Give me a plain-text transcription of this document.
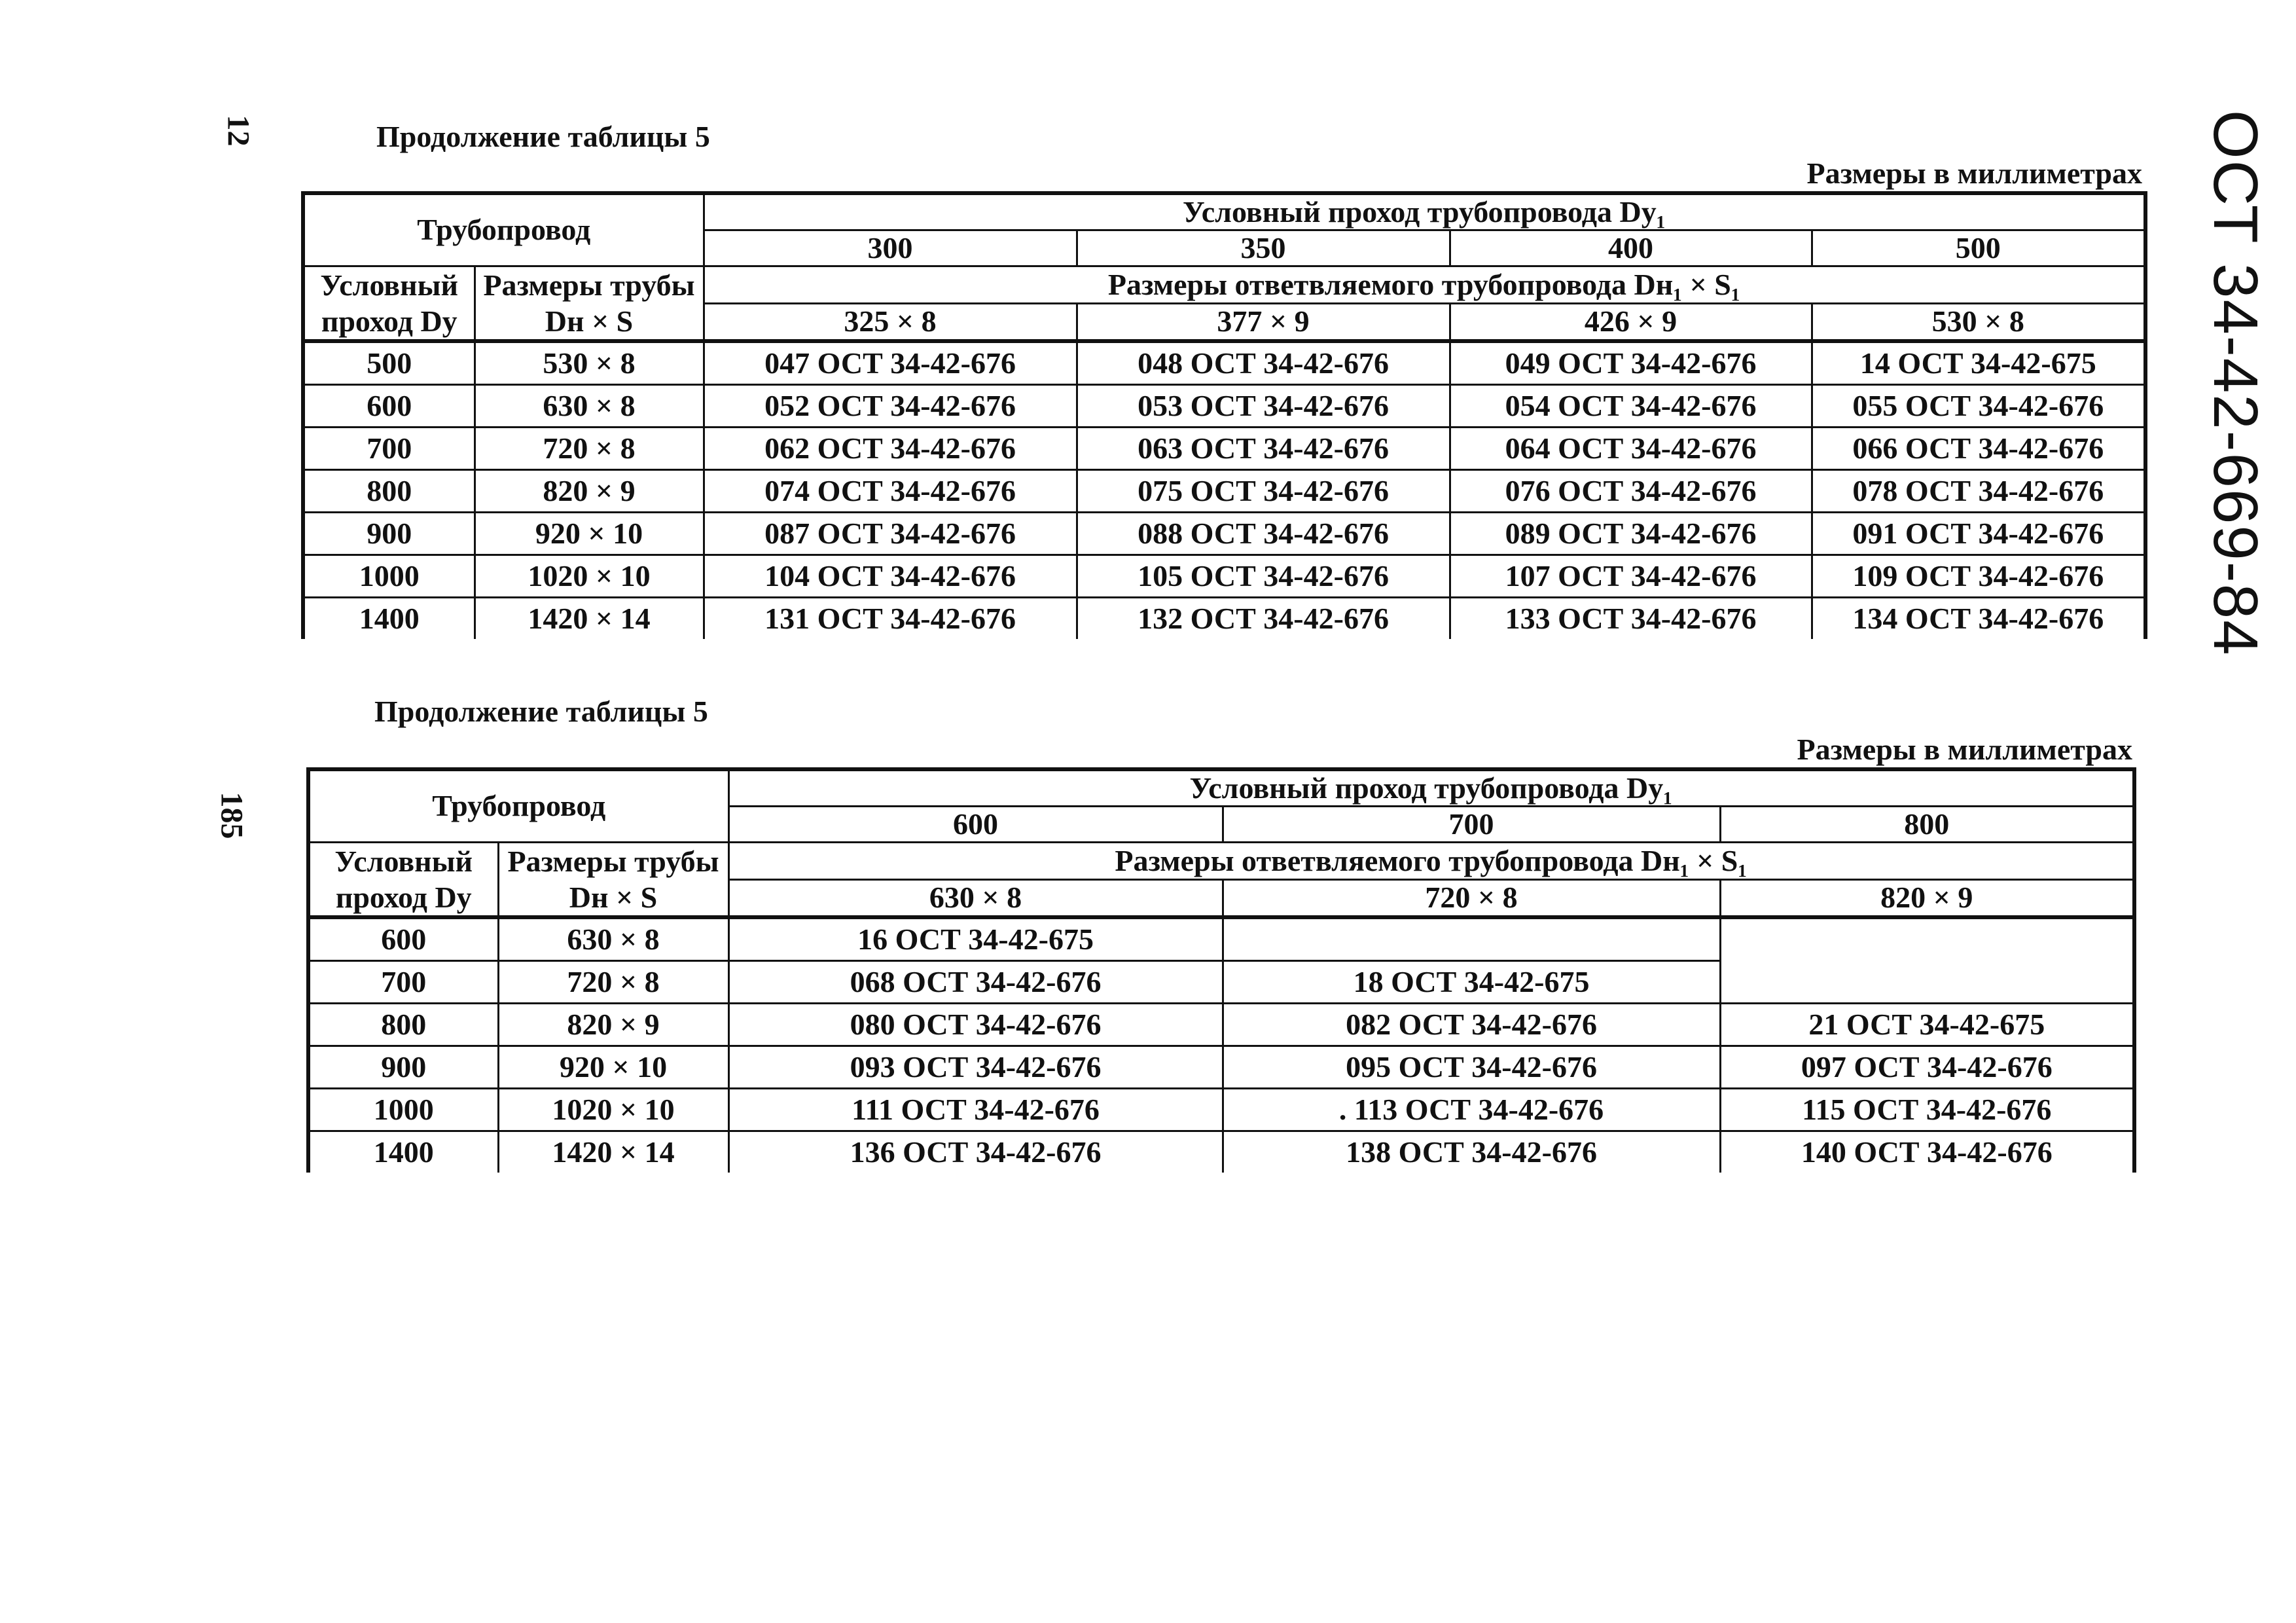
12
185
ОСТ 34-42-669-84
Продолжение таблицы 5
Размеры в миллиметрах
Трубопровод		Условный проход трубопровода Dy₁			
		300	350	400	500
Условный проход Dy	Размеры трубы Dн × S	Размеры ответвляемого трубопровода Dн₁ × S₁			
		325 × 8	377 × 9	426 × 9	530 × 8
500	530 × 8	047 ОСТ 34-42-676	048 ОСТ 34-42-676	049 ОСТ 34-42-676	14 ОСТ 34-42-675
600	630 × 8	052 ОСТ 34-42-676	053 ОСТ 34-42-676	054 ОСТ 34-42-676	055 ОСТ 34-42-676
700	720 × 8	062 ОСТ 34-42-676	063 ОСТ 34-42-676	064 ОСТ 34-42-676	066 ОСТ 34-42-676
800	820 × 9	074 ОСТ 34-42-676	075 ОСТ 34-42-676	076 ОСТ 34-42-676	078 ОСТ 34-42-676
900	920 × 10	087 ОСТ 34-42-676	088 ОСТ 34-42-676	089 ОСТ 34-42-676	091 ОСТ 34-42-676
1000	1020 × 10	104 ОСТ 34-42-676	105 ОСТ 34-42-676	107 ОСТ 34-42-676	109 ОСТ 34-42-676
1400	1420 × 14	131 ОСТ 34-42-676	132 ОСТ 34-42-676	133 ОСТ 34-42-676	134 ОСТ 34-42-676
Продолжение таблицы 5
Размеры в миллиметрах
Трубопровод		Условный проход трубопровода Dy₁		
		600	700	800
Условный проход Dy	Размеры трубы Dн × S	Размеры ответвляемого трубопровода Dн₁ × S₁		
		630 × 8	720 × 8	820 × 9
600	630 × 8	16 ОСТ 34-42-675		
700	720 × 8	068 ОСТ 34-42-676	18 ОСТ 34-42-675	
800	820 × 9	080 ОСТ 34-42-676	082 ОСТ 34-42-676	21 ОСТ 34-42-675
900	920 × 10	093 ОСТ 34-42-676	095 ОСТ 34-42-676	097 ОСТ 34-42-676
1000	1020 × 10	111 ОСТ 34-42-676	. 113 ОСТ 34-42-676	115 ОСТ 34-42-676
1400	1420 × 14	136 ОСТ 34-42-676	138 ОСТ 34-42-676	140 ОСТ 34-42-676
